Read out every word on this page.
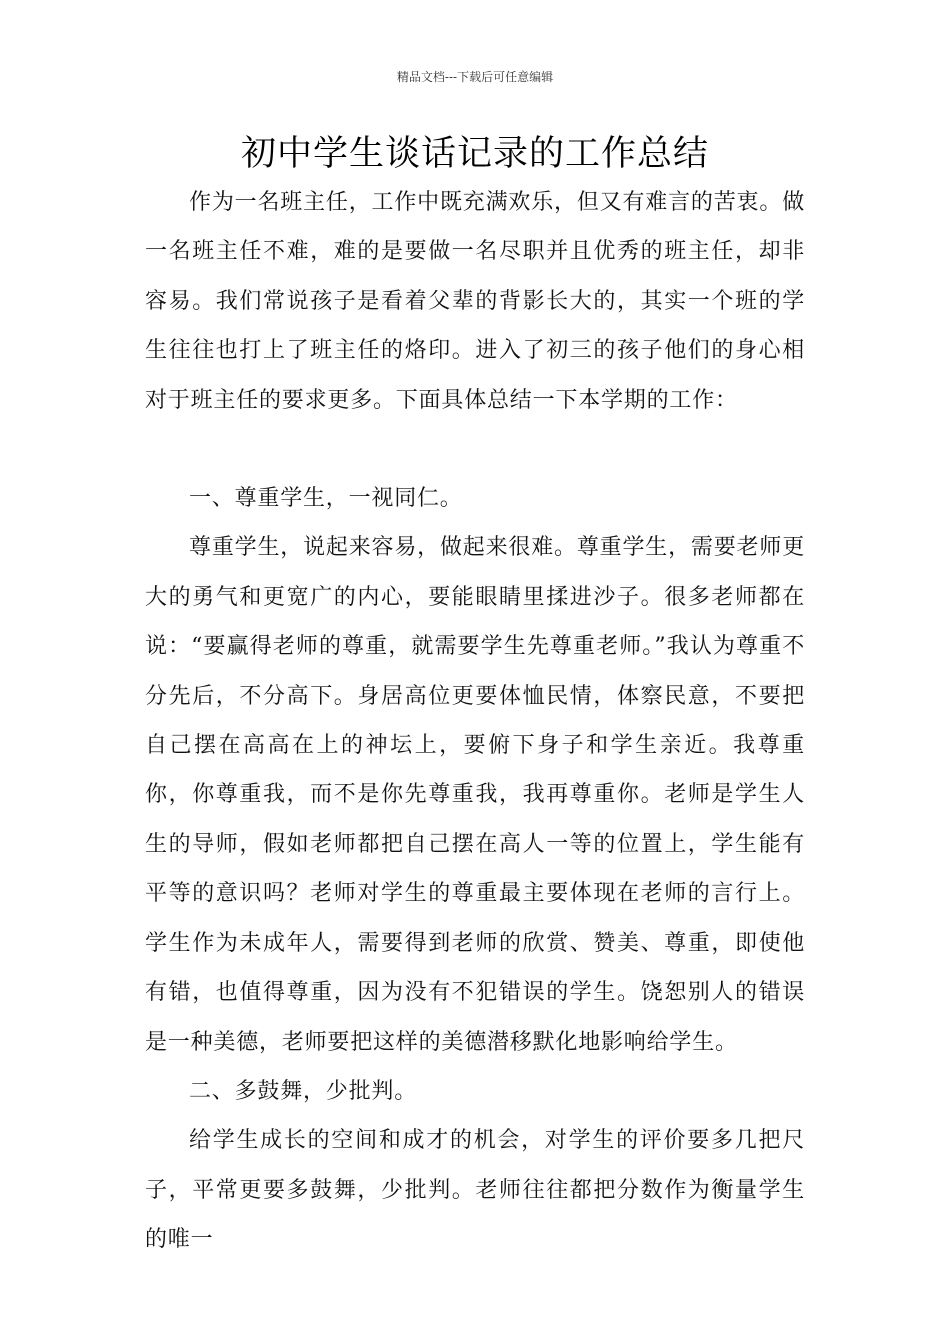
精品文档---下载后可任意编辑
初中学生谈话记录的工作总结

作为一名班主任，工作中既充满欢乐，但又有难言的苦衷。做一名班主任不难，难的是要做一名尽职并且优秀的班主任，却非容易。我们常说孩子是看着父辈的背影长大的，其实一个班的学生往往也打上了班主任的烙印。进入了初三的孩子他们的身心相对于班主任的要求更多。下面具体总结一下本学期的工作：

一、尊重学生，一视同仁。

尊重学生，说起来容易，做起来很难。尊重学生，需要老师更大的勇气和更宽广的内心，要能眼睛里揉进沙子。很多老师都在说：“要赢得老师的尊重，就需要学生先尊重老师。”我认为尊重不分先后，不分高下。身居高位更要体恤民情，体察民意，不要把自己摆在高高在上的神坛上，要俯下身子和学生亲近。我尊重你，你尊重我，而不是你先尊重我，我再尊重你。老师是学生人生的导师，假如老师都把自己摆在高人一等的位置上，学生能有平等的意识吗？老师对学生的尊重最主要体现在老师的言行上。学生作为未成年人，需要得到老师的欣赏、赞美、尊重，即使他有错，也值得尊重，因为没有不犯错误的学生。饶恕别人的错误是一种美德，老师要把这样的美德潜移默化地影响给学生。

二、多鼓舞，少批判。

给学生成长的空间和成才的机会，对学生的评价要多几把尺子，平常更要多鼓舞，少批判。老师往往都把分数作为衡量学生的唯一
